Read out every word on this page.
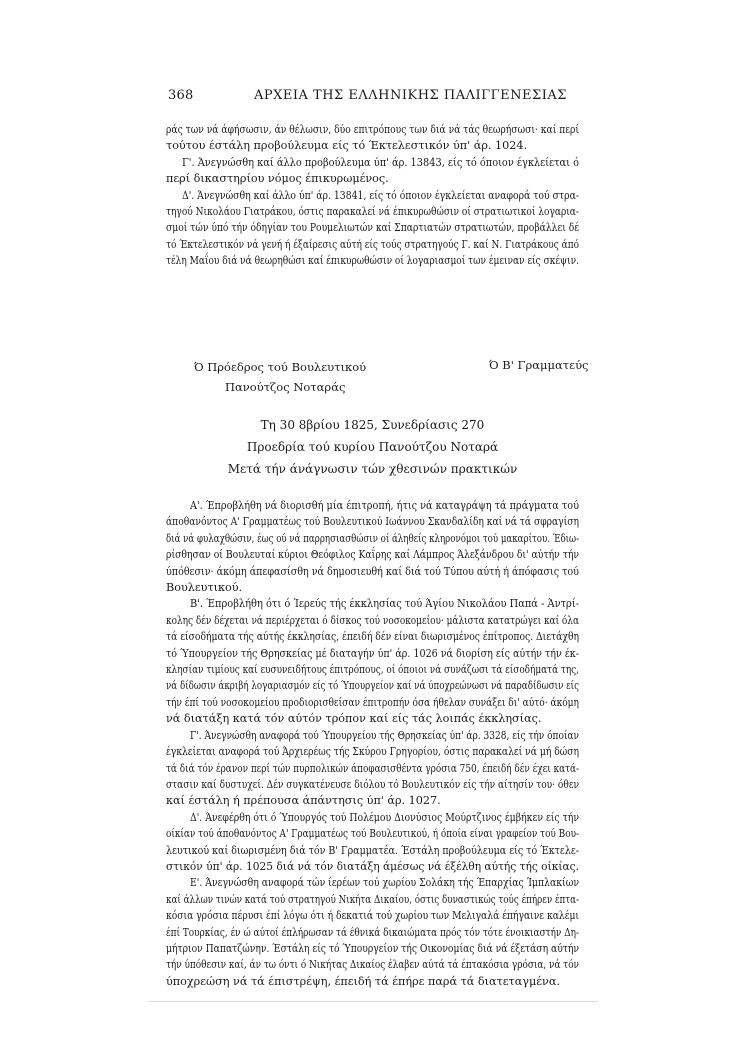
368	ΑΡΧΕΙΑ ΤΗΣ ΕΛΛΗΝΙΚΗΣ ΠΑΛΙΓΓΕΝΕΣΙΑΣ
ράς των νά άφήσωσιν, άν θέλωσιν, δύο επιτρόπους των διά νά τάς θεωρήσωσι· καί περί
τούτου έστάλη προβούλευμα είς τό Έκτελεστικόν ύπ' άρ. 1024.
Γ'. Άνεγνώσθη καί άλλο προβούλευμα ύπ' άρ. 13843, είς τό όποιον έγκλείεται ό
περί δικαστηρίου νόμος έπικυρωμένος.
Δ'. Άνεγνώσθη καί άλλο ύπ' άρ. 13841, είς τό όποιον έγκλείεται αναφορά τού στρα-
τηγού Νικολάου Γιατράκου, όστις παρακαλεί νά έπικυρωθώσιν οί στρατιωτικοί λογαρια-
σμοί τών ύπό τήν όδηγίαν του Ρουμελιωτών καί Σπαρτιατών στρατιωτών, προβάλλει δέ
τό Έκτελεστικόν νά γενή ή έξαίρεσις αύτή είς τούς στρατηγούς Γ. καί Ν. Γιατράκους άπό
τέλη Μαΐου διά νά θεωρηθώσι καί έπικυρωθώσιν οί λογαριασμοί των έμειναν είς σκέψιν.
Ό Πρόεδρος τού Βουλευτικού	Ό Β' Γραμματεύς
Πανούτζος Νοταράς
Τη 30 8βρίου 1825, Συνεδρίασις 270
Προεδρία τού κυρίου Πανούτζου Νοταρά
Μετά τήν άνάγνωσιν τών χθεσινών πρακτικών
Α'. Έπροβλήθη νά διορισθή μία έπιτροπή, ήτις νά καταγράψη τά πράγματα τού
άποθανόντος Α' Γραμματέως τού Βουλευτικού Ιωάννου Σκανδαλίδη καί νά τά σφραγίση
διά νά φυλαχθώσιν, έως ού νά παρρησιασθώσιν οί άληθείς κληρονόμοι τού μακαρίτου. Έδιω-
ρίσθησαν οί Βουλευταί κύριοι Θεόφιλος Καΐρης καί Λάμπρος Άλεξάνδρου δι' αύτήν τήν
ύπόθεσιν· άκόμη άπεφασίσθη νά δημοσιευθή καί διά τού Τύπου αύτή ή άπόφασις τού
Βουλευτικού.
Β'. Έπροβλήθη ότι ό Ίερεύς τής έκκλησίας τού Άγίου Νικολάου Παπά - Άντρί-
κολης δέν δέχεται νά περιέρχεται ό δίσκος τού νοσοκομείου· μάλιστα κατατρώγει καί όλα
τά είσοδήματα τής αύτής έκκλησίας, έπειδή δέν είναι διωρισμένος έπίτροπος. Διετάχθη
τό Ύπουργείον τής Θρησκείας μέ διαταγήν ύπ' άρ. 1026 νά διορίση είς αύτήν τήν έκ-
κλησίαν τιμίους καί ευσυνειδήτους έπιτρόπους, οί όποιοι νά συνάζωσι τά είσοδήματά της,
νά δίδωσιν άκριβή λογαριασμόν είς τό Ύπουργείον καί νά ύποχρεώνωσι νά παραδίδωσιν είς
τήν έπί τού νοσοκομείου προδιορισθείσαν έπιτροπήν όσα ήθελαν συνάξει δι' αύτό· άκόμη
νά διατάξη κατά τόν αύτόν τρόπον καί είς τάς λοιπάς έκκλησίας.
Γ'. Άνεγνώσθη αναφορά τού Ύπουργείου τής Θρησκείας ύπ' άρ. 3328, είς τήν όποίαν
έγκλείεται αναφορά τού Άρχιερέως τής Σκύρου Γρηγορίου, όστις παρακαλεί νά μή δώση
τά διά τόν έρανον περί τών πυρπολικών άποφασισθέντα γρόσια 750, έπειδή δέν έχει κατά-
στασιν καί δυστυχεί. Δέν συγκατένευσε διόλου τό Βουλευτικόν είς τήν αίτησίν του· όθεν
καί έστάλη ή πρέπουσα άπάντησις ύπ' άρ. 1027.
Δ'. Άνεφέρθη ότι ό Ύπουργός τού Πολέμου Διονύσιος Μούρτζινος έμβήκεν είς τήν
οίκίαν τού άποθανόντος Α' Γραμματέως τού Βουλευτικού, ή όποία είναι γραφείον τού Βου-
λευτικού καί διωρισμένη διά τόν Β' Γραμματέα. Έστάλη προβούλευμα είς τό Έκτελε-
στικόν ύπ' άρ. 1025 διά νά τόν διατάξη άμέσως νά έξέλθη αύτής τής οίκίας.
Ε'. Άνεγνώσθη αναφορά τών ίερέων τού χωρίου Σολάκη τής Έπαρχίας Ίμπλακίων
καί άλλων τινών κατά τού στρατηγού Νικήτα Δικαίου, όστις δυναστικώς τούς έπήρεν έπτα-
κόσια γρόσια πέρυσι έπί λόγω ότι ή δεκατιά τού χωρίου των Μελιγαλά έπήγαινε καλέμι
έπί Τουρκίας, έν ώ αύτοί έπλήρωσαν τά έθνικά δικαιώματα πρός τόν τότε ένοικιαστήν Δη-
μήτριον Παπατζώνην. Έστάλη είς τό Ύπουργείον τής Οικονομίας διά νά έξετάση αύτήν
τήν ύπόθεσιν καί, άν τω όντι ό Νικήτας Δικαίος έλαβεν αύτά τά έπτακόσια γρόσια, νά τόν
ύποχρεώση νά τά έπιστρέψη, έπειδή τά έπήρε παρά τά διατεταγμένα.
